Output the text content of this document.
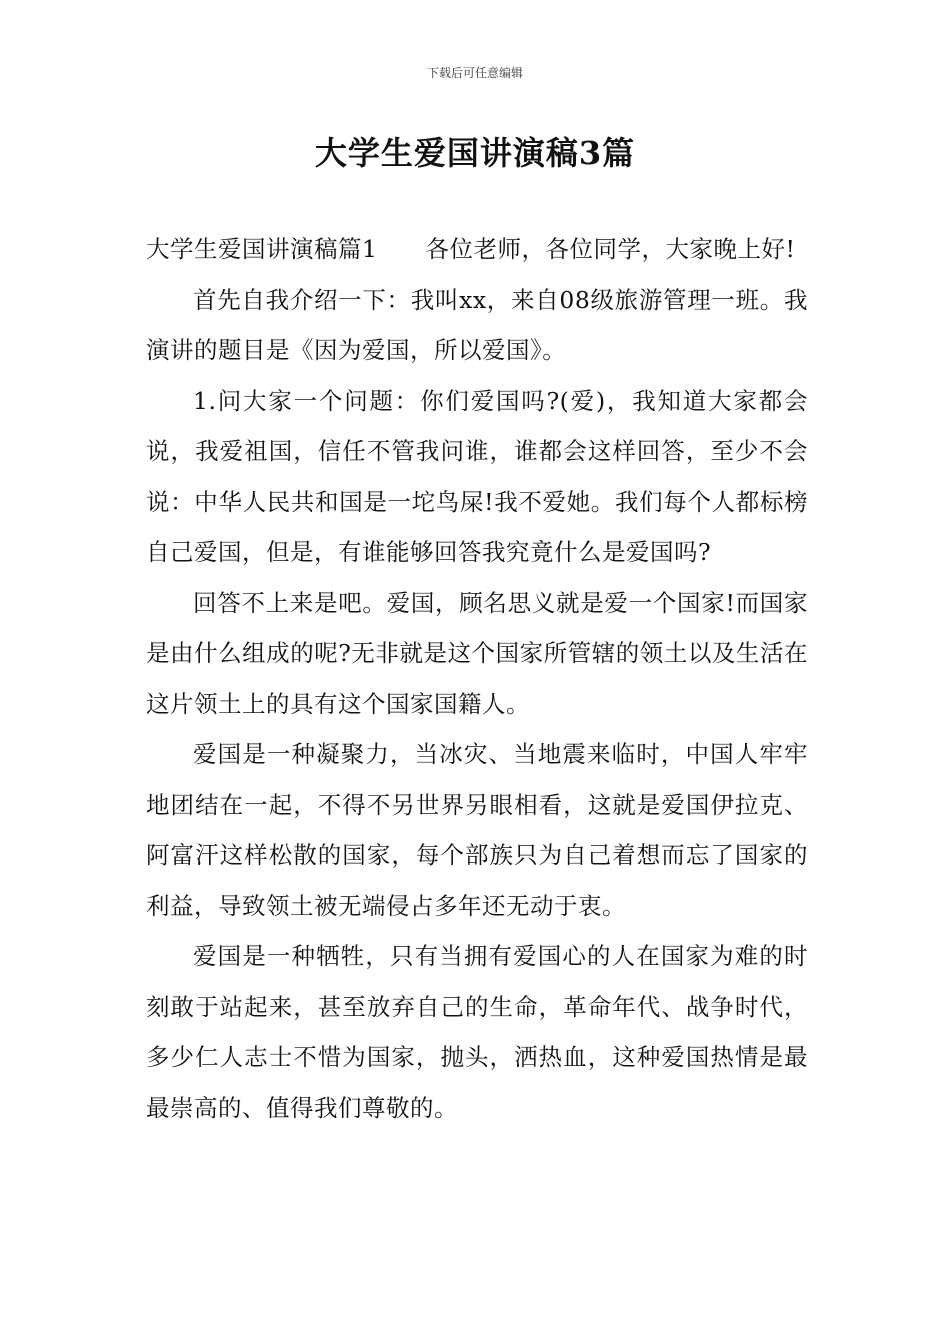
下载后可任意编辑
大学生爱国讲演稿3篇

大学生爱国讲演稿篇1 各位老师，各位同学，大家晚上好!

首先自我介绍一下：我叫xx，来自08级旅游管理一班。我演讲的题目是《因为爱国，所以爱国》。

1.问大家一个问题：你们爱国吗?(爱)，我知道大家都会说，我爱祖国，信任不管我问谁，谁都会这样回答，至少不会说：中华人民共和国是一坨鸟屎!我不爱她。我们每个人都标榜自己爱国，但是，有谁能够回答我究竟什么是爱国吗?

回答不上来是吧。爱国，顾名思义就是爱一个国家!而国家是由什么组成的呢?无非就是这个国家所管辖的领土以及生活在这片领土上的具有这个国家国籍人。

爱国是一种凝聚力，当冰灾、当地震来临时，中国人牢牢地团结在一起，不得不另世界另眼相看，这就是爱国伊拉克、阿富汗这样松散的国家，每个部族只为自己着想而忘了国家的利益，导致领土被无端侵占多年还无动于衷。

爱国是一种牺牲，只有当拥有爱国心的人在国家为难的时刻敢于站起来，甚至放弃自己的生命，革命年代、战争时代，多少仁人志士不惜为国家，抛头，洒热血，这种爱国热情是最最崇高的、值得我们尊敬的。
